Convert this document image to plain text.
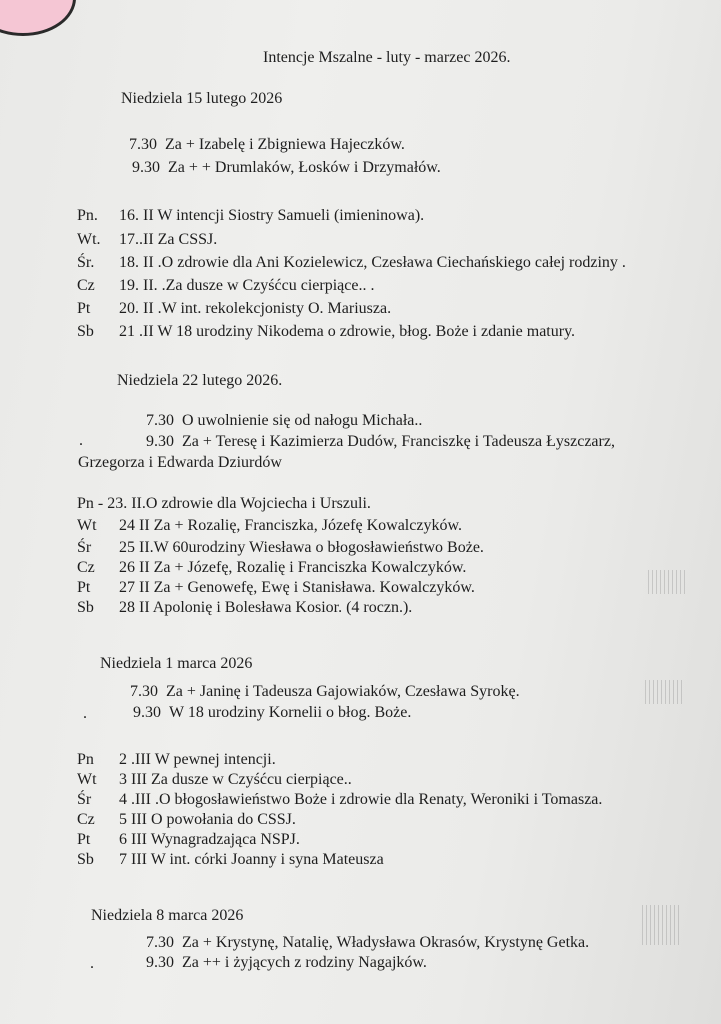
Intencje Mszalne - luty - marzec 2026.
Niedziela 15 lutego 2026
7.30 Za + Izabelę i Zbigniewa Hajeczków.
9.30 Za + + Drumlaków, Łosków i Drzymałów.
Pn. 16. II W intencji Siostry Samueli (imieninowa).
Wt. 17..II Za CSSJ.
Śr. 18. II .O zdrowie dla Ani Kozielewicz, Czesława Ciechańskiego całej rodziny .
Cz 19. II. .Za dusze w Czyśćcu cierpiące.. .
Pt 20. II .W int. rekolekcjonisty O. Mariusza.
Sb 21 .II W 18 urodziny Nikodema o zdrowie, błog. Boże i zdanie matury.
Niedziela 22 lutego 2026.
7.30 O uwolnienie się od nałogu Michała..
.	9.30 Za + Teresę i Kazimierza Dudów, Franciszkę i Tadeusza Łyszczarz,
Grzegorza i Edwarda Dziurdów
Pn - 23. II.O zdrowie dla Wojciecha i Urszuli.
Wt 24 II Za + Rozalię, Franciszka, Józefę Kowalczyków.
Śr 25 II.W 60urodziny Wiesława o błogosławieństwo Boże.
Cz 26 II Za + Józefę, Rozalię i Franciszka Kowalczyków.
Pt 27 II Za + Genowefę, Ewę i Stanisława. Kowalczyków.
Sb 28 II Apolonię i Bolesława Kosior. (4 roczn.).
Niedziela 1 marca 2026
7.30 Za + Janinę i Tadeusza Gajowiaków, Czesława Syrokę.
.	9.30 W 18 urodziny Kornelii o błog. Boże.
Pn 2 .III W pewnej intencji.
Wt 3 III Za dusze w Czyśćcu cierpiące..
Śr 4 .III .O błogosławieństwo Boże i zdrowie dla Renaty, Weroniki i Tomasza.
Cz 5 III O powołania do CSSJ.
Pt 6 III Wynagradzająca NSPJ.
Sb 7 III W int. córki Joanny i syna Mateusza
Niedziela 8 marca 2026
7.30 Za + Krystynę, Natalię, Władysława Okrasów, Krystynę Getka.
.	9.30 Za ++ i żyjących z rodziny Nagajków.
